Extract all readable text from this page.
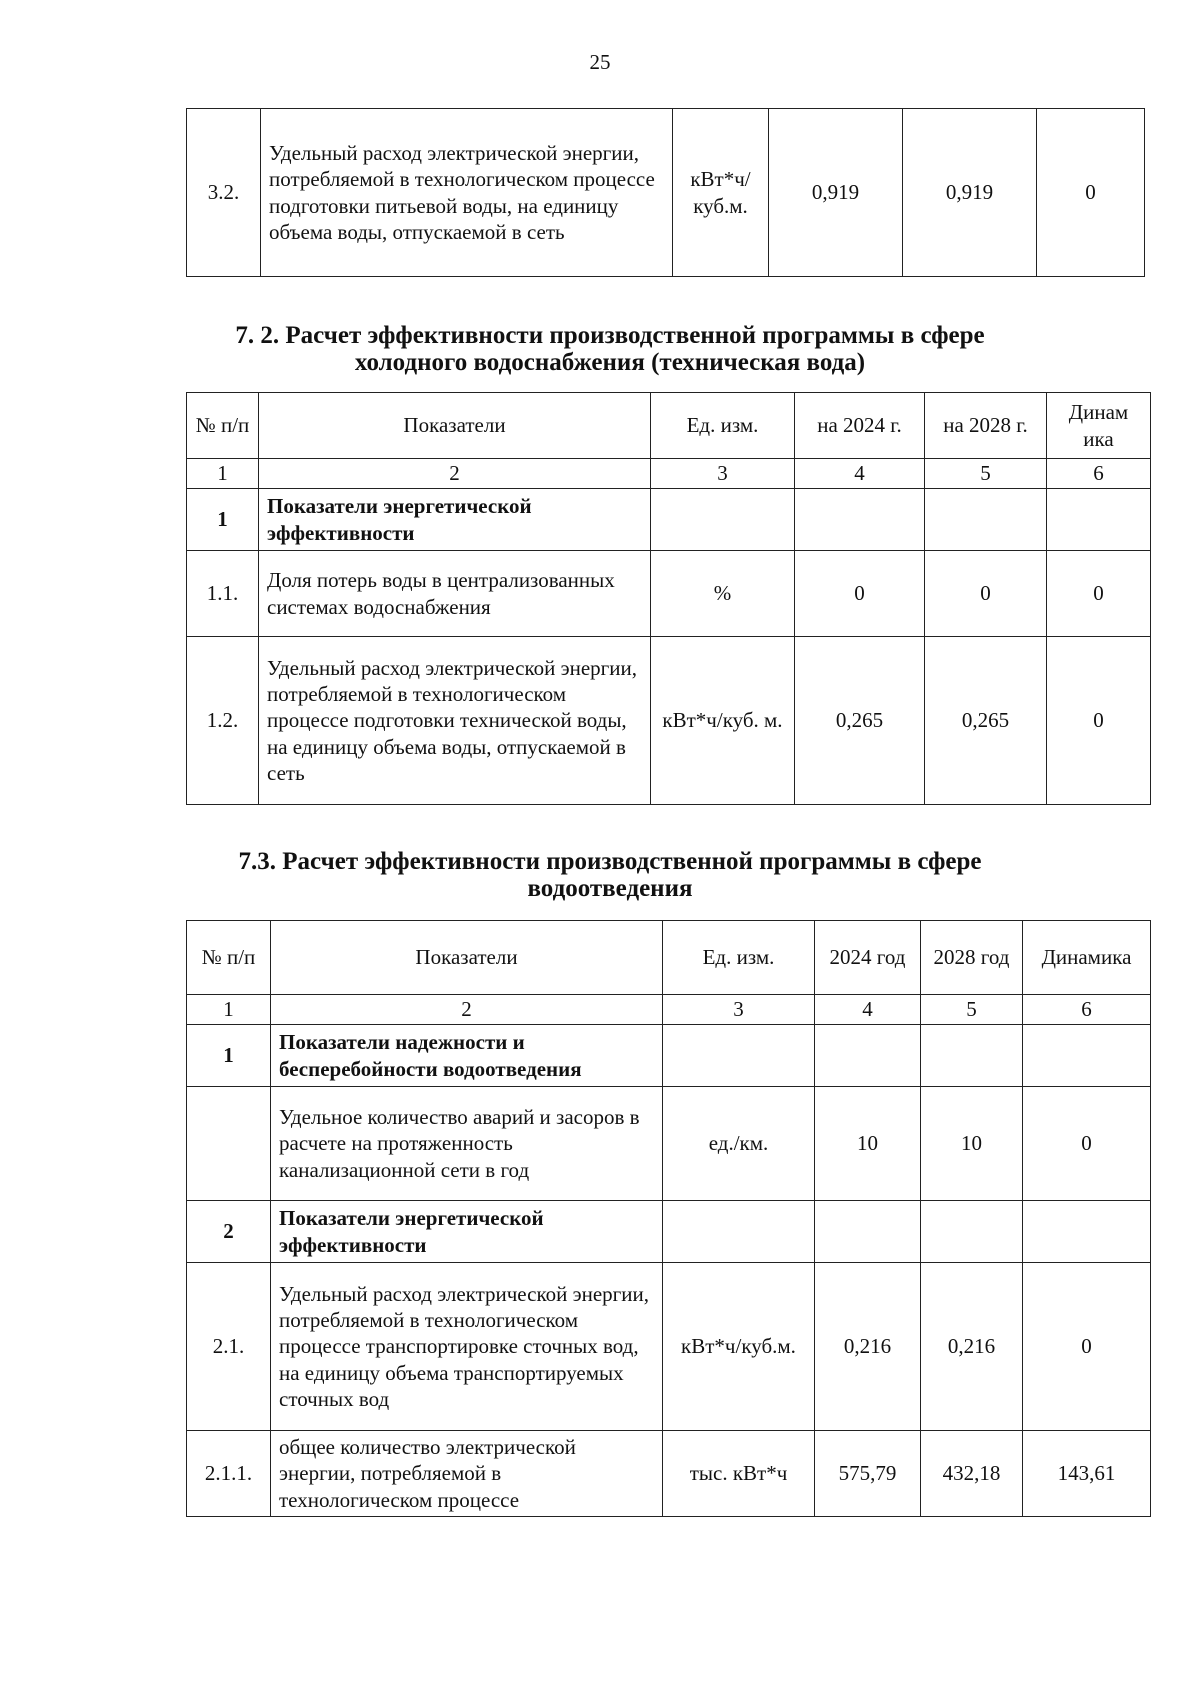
25
3.2.	Удельный расход электрической энергии, потребляемой в технологическом процессе подготовки питьевой воды, на единицу объема воды, отпускаемой в сеть	кВт*ч/ куб.м.	0,919	0,919	0
7. 2. Расчет эффективности производственной программы в сфере
холодного водоснабжения (техническая вода)
№ п/п	Показатели	Ед. изм.	на 2024 г.	на 2028 г.	Динам ика
1	2	3	4	5	6
1	Показатели энергетической эффективности				
1.1.	Доля потерь воды в централизованных системах водоснабжения	%	0	0	0
1.2.	Удельный расход электрической энергии, потребляемой в технологическом процессе подготовки технической воды, на единицу объема воды, отпускаемой в сеть	кВт*ч/куб. м.	0,265	0,265	0
7.3. Расчет эффективности производственной программы в сфере
водоотведения
№ п/п	Показатели	Ед. изм.	2024 год	2028 год	Динамика
1	2	3	4	5	6
1	Показатели надежности и бесперебойности водоотведения				
	Удельное количество аварий и засоров в расчете на протяженность канализационной сети в год	ед./км.	10	10	0
2	Показатели энергетической эффективности				
2.1.	Удельный расход электрической энергии, потребляемой в технологическом процессе транспортировке сточных вод, на единицу объема транспортируемых сточных вод	кВт*ч/куб.м.	0,216	0,216	0
2.1.1.	общее количество электрической энергии, потребляемой в технологическом процессе	тыс. кВт*ч	575,79	432,18	143,61
